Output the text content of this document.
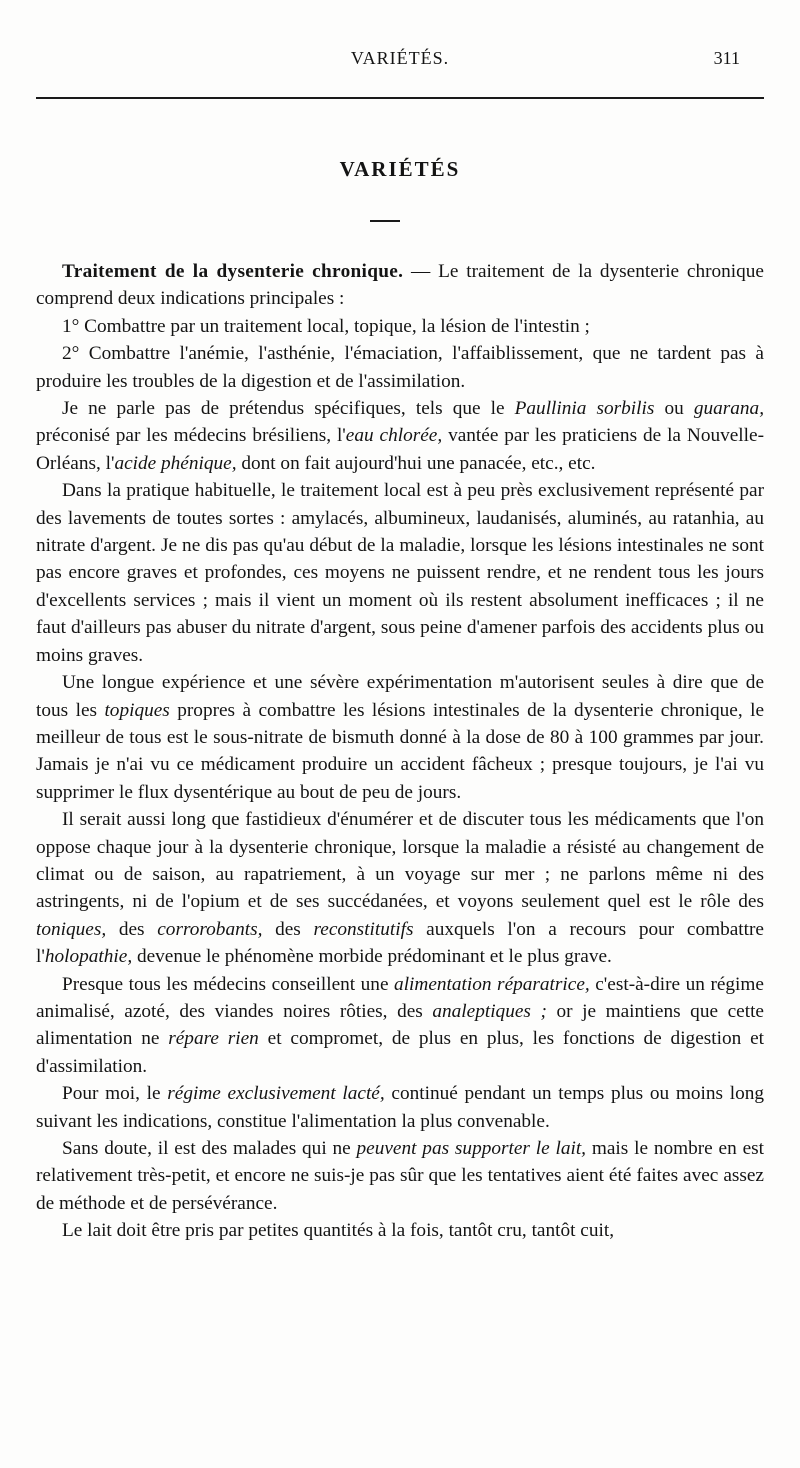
VARIÉTÉS.	311
VARIÉTÉS

Traitement de la dysenterie chronique. — Le traitement de la dysenterie chronique comprend deux indications principales :

1° Combattre par un traitement local, topique, la lésion de l'intestin ;

2° Combattre l'anémie, l'asthénie, l'émaciation, l'affaiblissement, que ne tardent pas à produire les troubles de la digestion et de l'assimilation.

Je ne parle pas de prétendus spécifiques, tels que le Paullinia sorbilis ou guarana, préconisé par les médecins brésiliens, l'eau chlorée, vantée par les praticiens de la Nouvelle-Orléans, l'acide phénique, dont on fait aujourd'hui une panacée, etc., etc.

Dans la pratique habituelle, le traitement local est à peu près exclusivement représenté par des lavements de toutes sortes : amylacés, albumineux, laudanisés, aluminés, au ratanhia, au nitrate d'argent. Je ne dis pas qu'au début de la maladie, lorsque les lésions intestinales ne sont pas encore graves et profondes, ces moyens ne puissent rendre, et ne rendent tous les jours d'excellents services ; mais il vient un moment où ils restent absolument inefficaces ; il ne faut d'ailleurs pas abuser du nitrate d'argent, sous peine d'amener parfois des accidents plus ou moins graves.

Une longue expérience et une sévère expérimentation m'autorisent seules à dire que de tous les topiques propres à combattre les lésions intestinales de la dysenterie chronique, le meilleur de tous est le sous-nitrate de bismuth donné à la dose de 80 à 100 grammes par jour. Jamais je n'ai vu ce médicament produire un accident fâcheux ; presque toujours, je l'ai vu supprimer le flux dysentérique au bout de peu de jours.

Il serait aussi long que fastidieux d'énumérer et de discuter tous les médicaments que l'on oppose chaque jour à la dysenterie chronique, lorsque la maladie a résisté au changement de climat ou de saison, au rapatriement, à un voyage sur mer ; ne parlons même ni des astringents, ni de l'opium et de ses succédanées, et voyons seulement quel est le rôle des toniques, des corrorobants, des reconstitutifs auxquels l'on a recours pour combattre l'holopathie, devenue le phénomène morbide prédominant et le plus grave.

Presque tous les médecins conseillent une alimentation réparatrice, c'est-à-dire un régime animalisé, azoté, des viandes noires rôties, des analeptiques ; or je maintiens que cette alimentation ne répare rien et compromet, de plus en plus, les fonctions de digestion et d'assimilation.

Pour moi, le régime exclusivement lacté, continué pendant un temps plus ou moins long suivant les indications, constitue l'alimentation la plus convenable.

Sans doute, il est des malades qui ne peuvent pas supporter le lait, mais le nombre en est relativement très-petit, et encore ne suis-je pas sûr que les tentatives aient été faites avec assez de méthode et de persévérance.

Le lait doit être pris par petites quantités à la fois, tantôt cru, tantôt cuit,
